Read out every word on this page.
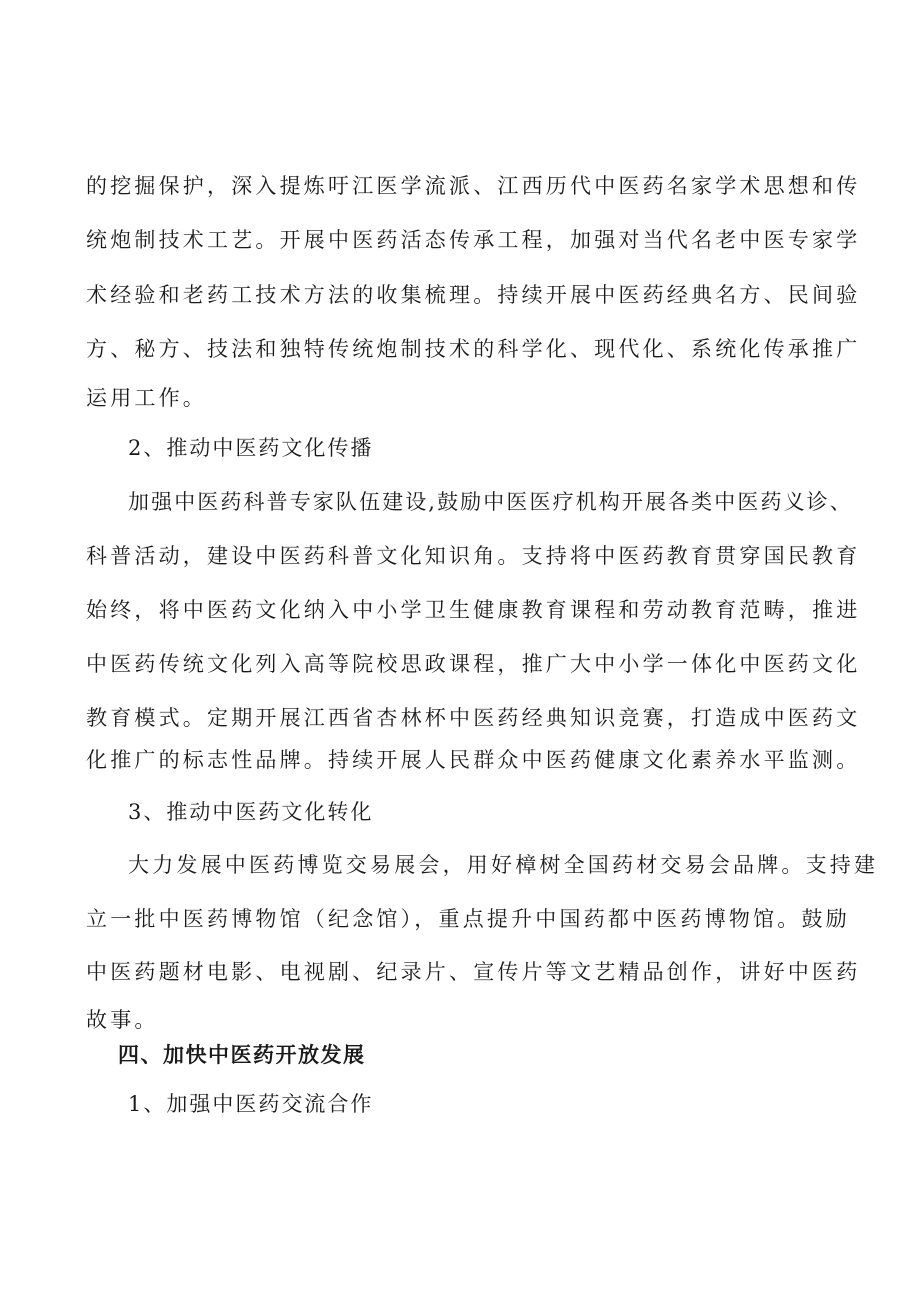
的挖掘保护，深入提炼吁江医学流派、江西历代中医药名家学术思想和传
统炮制技术工艺。开展中医药活态传承工程，加强对当代名老中医专家学
术经验和老药工技术方法的收集梳理。持续开展中医药经典名方、民间验
方、秘方、技法和独特传统炮制技术的科学化、现代化、系统化传承推广
运用工作。
2、推动中医药文化传播
加强中医药科普专家队伍建设,鼓励中医医疗机构开展各类中医药义诊、
科普活动，建设中医药科普文化知识角。支持将中医药教育贯穿国民教育
始终，将中医药文化纳入中小学卫生健康教育课程和劳动教育范畴，推进
中医药传统文化列入高等院校思政课程，推广大中小学一体化中医药文化
教育模式。定期开展江西省杏林杯中医药经典知识竞赛，打造成中医药文
化推广的标志性品牌。持续开展人民群众中医药健康文化素养水平监测。
3、推动中医药文化转化
大力发展中医药博览交易展会，用好樟树全国药材交易会品牌。支持建
立一批中医药博物馆（纪念馆），重点提升中国药都中医药博物馆。鼓励
中医药题材电影、电视剧、纪录片、宣传片等文艺精品创作，讲好中医药
故事。
四、加快中医药开放发展
1、加强中医药交流合作
